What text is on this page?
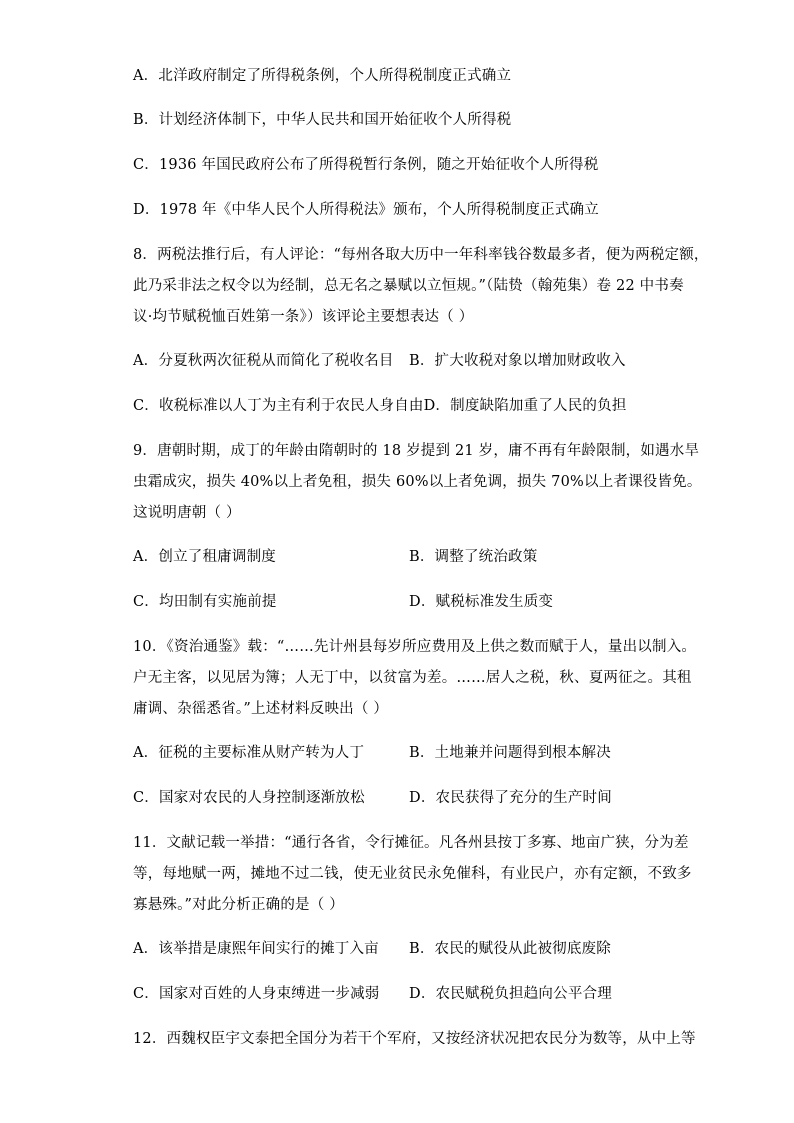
A．北洋政府制定了所得税条例，个人所得税制度正式确立
B．计划经济体制下，中华人民共和国开始征收个人所得税
C．1936 年国民政府公布了所得税暂行条例，随之开始征收个人所得税
D．1978 年《中华人民个人所得税法》颁布，个人所得税制度正式确立
8．两税法推行后，有人评论：“每州各取大历中一年科率钱谷数最多者，便为两税定额，
此乃采非法之权令以为经制，总无名之暴赋以立恒规。”（陆贽（翰苑集）卷 22 中书奏
议·均节赋税恤百姓第一条》）该评论主要想表达（ ）
A．分夏秋两次征税从而简化了税收名目 B．扩大收税对象以增加财政收入
C．收税标准以人丁为主有利于农民人身自由D．制度缺陷加重了人民的负担
9．唐朝时期，成丁的年龄由隋朝时的 18 岁提到 21 岁，庸不再有年龄限制，如遇水旱
虫霜成灾，损失 40%以上者免租，损失 60%以上者免调，损失 70%以上者课役皆免。
这说明唐朝（ ）
A．创立了租庸调制度	B．调整了统治政策
C．均田制有实施前提	D．赋税标准发生质变
10．《资治通鉴》载：“……先计州县每岁所应费用及上供之数而赋于人，量出以制入。
户无主客，以见居为簿；人无丁中，以贫富为差。……居人之税，秋、夏两征之。其租
庸调、杂徭悉省。”上述材料反映出（ ）
A．征税的主要标准从财产转为人丁	B．土地兼并问题得到根本解决
C．国家对农民的人身控制逐渐放松	D．农民获得了充分的生产时间
11．文献记载一举措：“通行各省，令行摊征。凡各州县按丁多寡、地亩广狭，分为差
等，每地赋一两，摊地不过二钱，使无业贫民永免催科，有业民户，亦有定额，不致多
寡悬殊。”对此分析正确的是（ ）
A．该举措是康熙年间实行的摊丁入亩 B．农民的赋役从此被彻底废除
C．国家对百姓的人身束缚进一步减弱 D．农民赋税负担趋向公平合理
12．西魏权臣宇文泰把全国分为若干个军府，又按经济状况把农民分为数等，从中上等
